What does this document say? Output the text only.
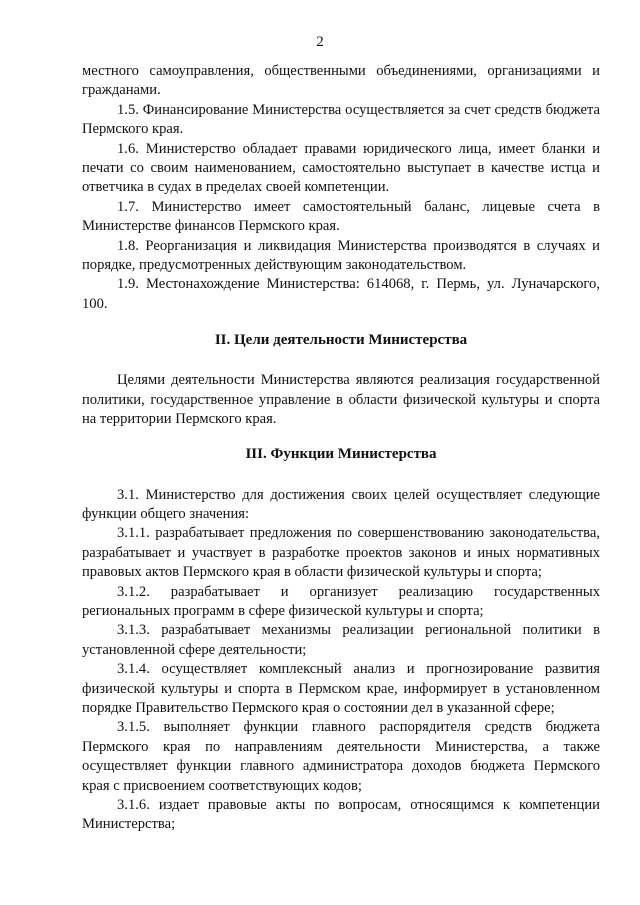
2

местного самоуправления, общественными объединениями, организациями и гражданами.

1.5. Финансирование Министерства осуществляется за счет средств бюджета Пермского края.

1.6. Министерство обладает правами юридического лица, имеет бланки и печати со своим наименованием, самостоятельно выступает в качестве истца и ответчика в судах в пределах своей компетенции.

1.7. Министерство имеет самостоятельный баланс, лицевые счета в Министерстве финансов Пермского края.

1.8. Реорганизация и ликвидация Министерства производятся в случаях и порядке, предусмотренных действующим законодательством.

1.9. Местонахождение Министерства: 614068, г. Пермь, ул. Луначарского, 100.

II. Цели деятельности Министерства

Целями деятельности Министерства являются реализация государственной политики, государственное управление в области физической культуры и спорта на территории Пермского края.

III. Функции Министерства

3.1. Министерство для достижения своих целей осуществляет следующие функции общего значения:

3.1.1. разрабатывает предложения по совершенствованию законодательства, разрабатывает и участвует в разработке проектов законов и иных нормативных правовых актов Пермского края в области физической культуры и спорта;

3.1.2. разрабатывает и организует реализацию государственных региональных программ в сфере физической культуры и спорта;

3.1.3. разрабатывает механизмы реализации региональной политики в установленной сфере деятельности;

3.1.4. осуществляет комплексный анализ и прогнозирование развития физической культуры и спорта в Пермском крае, информирует в установленном порядке Правительство Пермского края о состоянии дел в указанной сфере;

3.1.5. выполняет функции главного распорядителя средств бюджета Пермского края по направлениям деятельности Министерства, а также осуществляет функции главного администратора доходов бюджета Пермского края с присвоением соответствующих кодов;

3.1.6. издает правовые акты по вопросам, относящимся к компетенции Министерства;
